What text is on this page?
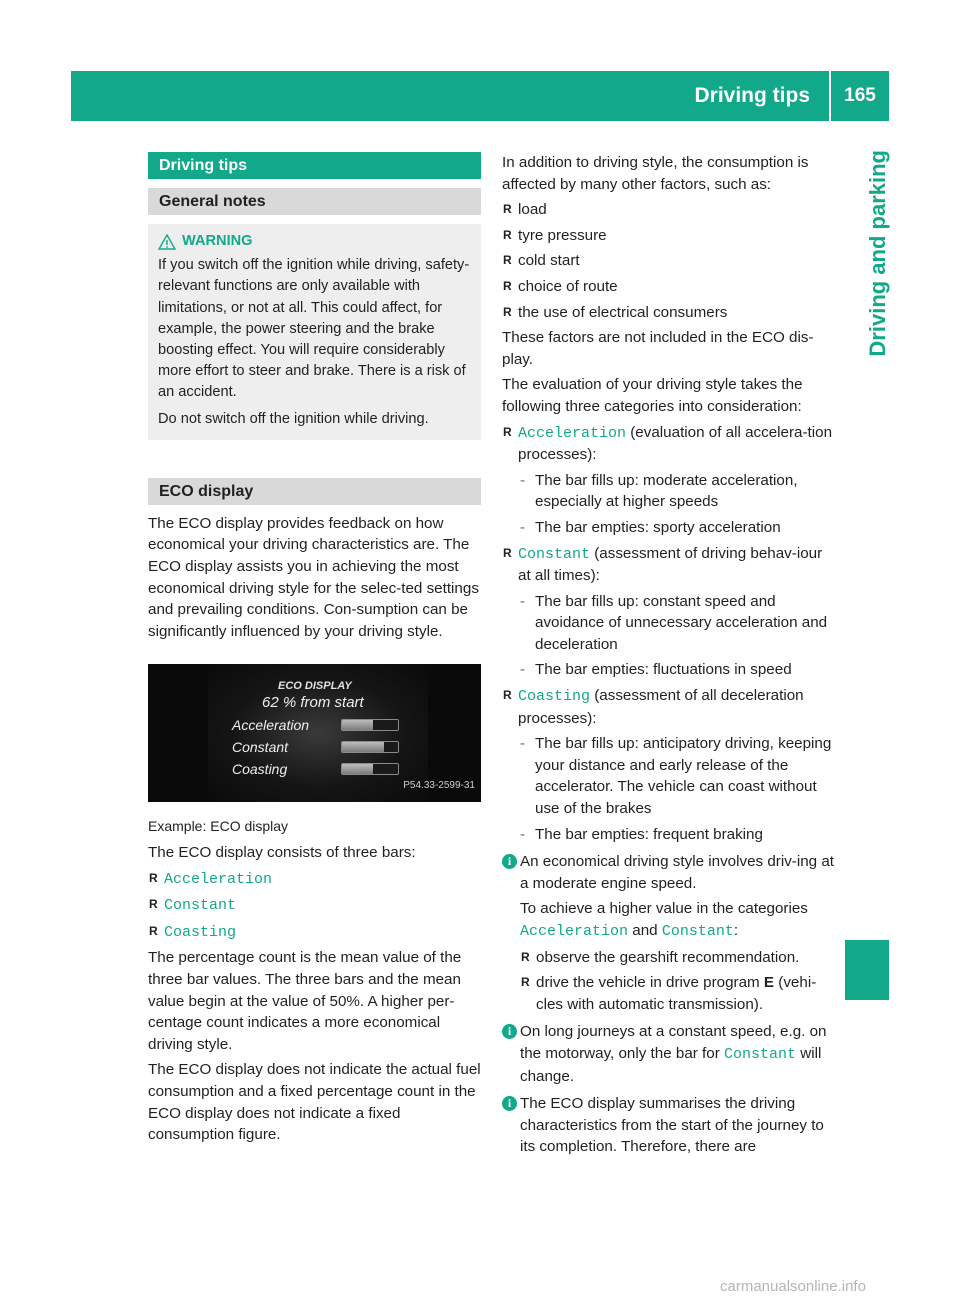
Driving tips	165
Driving and parking
Driving tips
General notes
WARNING

If you switch off the ignition while driving, safety-relevant functions are only available with limitations, or not at all. This could affect, for example, the power steering and the brake boosting effect. You will require considerably more effort to steer and brake. There is a risk of an accident.

Do not switch off the ignition while driving.

ECO display

The ECO display provides feedback on how economical your driving characteristics are. The ECO display assists you in achieving the most economical driving style for the selec-ted settings and prevailing conditions. Con-sumption can be significantly influenced by your driving style.

ECO DISPLAY
62 % from start
Acceleration
Constant
Coasting
P54.33-2599-31

Example: ECO display

The ECO display consists of three bars:

R Acceleration
R Constant
R Coasting

The percentage count is the mean value of the three bar values. The three bars and the mean value begin at the value of 50%. A higher per-centage count indicates a more economical driving style.

The ECO display does not indicate the actual fuel consumption and a fixed percentage count in the ECO display does not indicate a fixed consumption figure.

In addition to driving style, the consumption is affected by many other factors, such as:

R load
R tyre pressure
R cold start
R choice of route
R the use of electrical consumers

These factors are not included in the ECO dis-play.

The evaluation of your driving style takes the following three categories into consideration:

R Acceleration (evaluation of all accelera-tion processes):
- The bar fills up: moderate acceleration, especially at higher speeds
- The bar empties: sporty acceleration
R Constant (assessment of driving behav-iour at all times):
- The bar fills up: constant speed and avoidance of unnecessary acceleration and deceleration
- The bar empties: fluctuations in speed
R Coasting (assessment of all deceleration processes):
- The bar fills up: anticipatory driving, keeping your distance and early release of the accelerator. The vehicle can coast without use of the brakes
- The bar empties: frequent braking
i An economical driving style involves driv-ing at a moderate engine speed.

To achieve a higher value in the categories Acceleration and Constant:

R observe the gearshift recommendation.
R drive the vehicle in drive program E (vehi-cles with automatic transmission).
i On long journeys at a constant speed, e.g. on the motorway, only the bar for Constant will change.

i The ECO display summarises the driving characteristics from the start of the journey to its completion. Therefore, there are

carmanualsonline.info
